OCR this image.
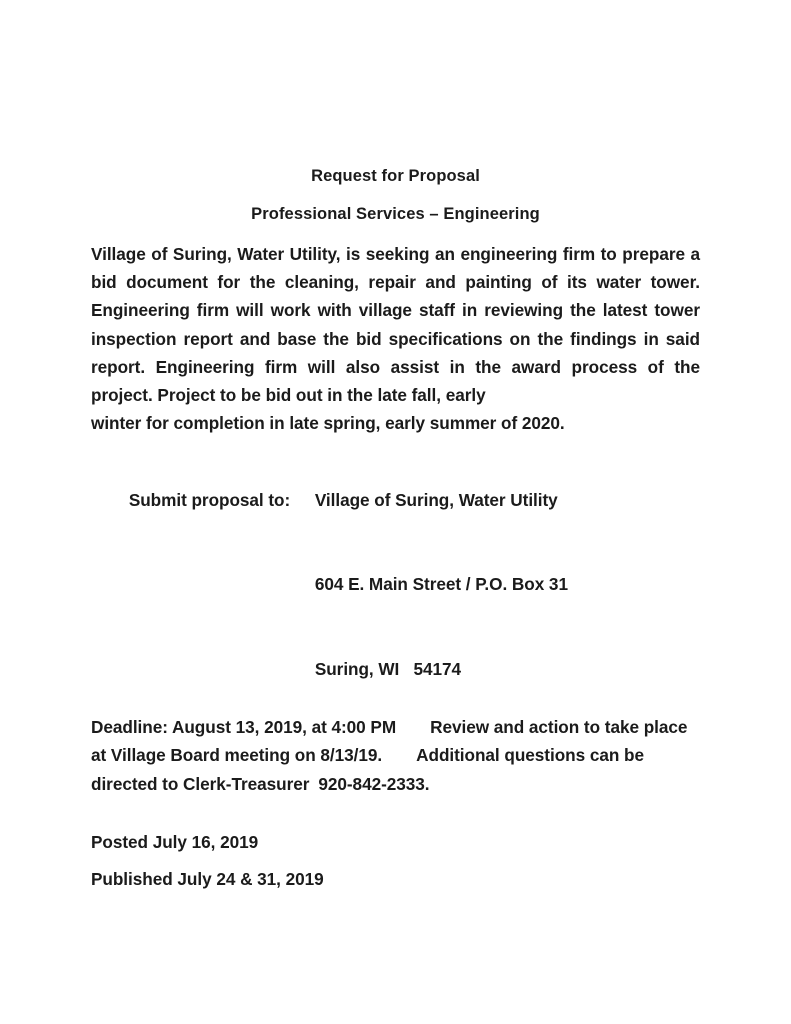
Request for Proposal
Professional Services – Engineering
Village of Suring, Water Utility, is seeking an engineering firm to prepare a bid document for the cleaning, repair and painting of its water tower. Engineering firm will work with village staff in reviewing the latest tower inspection report and base the bid specifications on the findings in said report. Engineering firm will also assist in the award process of the project. Project to be bid out in the late fall, early
winter for completion in late spring, early summer of 2020.

Submit proposal to: Village of Suring, Water Utility

604 E. Main Street / P.O. Box 31

Suring, WI   54174

Deadline: August 13, 2019, at 4:00 PM Review and action to take place at Village Board meeting on 8/13/19. Additional questions can be directed to Clerk-Treasurer 920-842-2333.
Posted July 16, 2019
Published July 24 & 31, 2019
